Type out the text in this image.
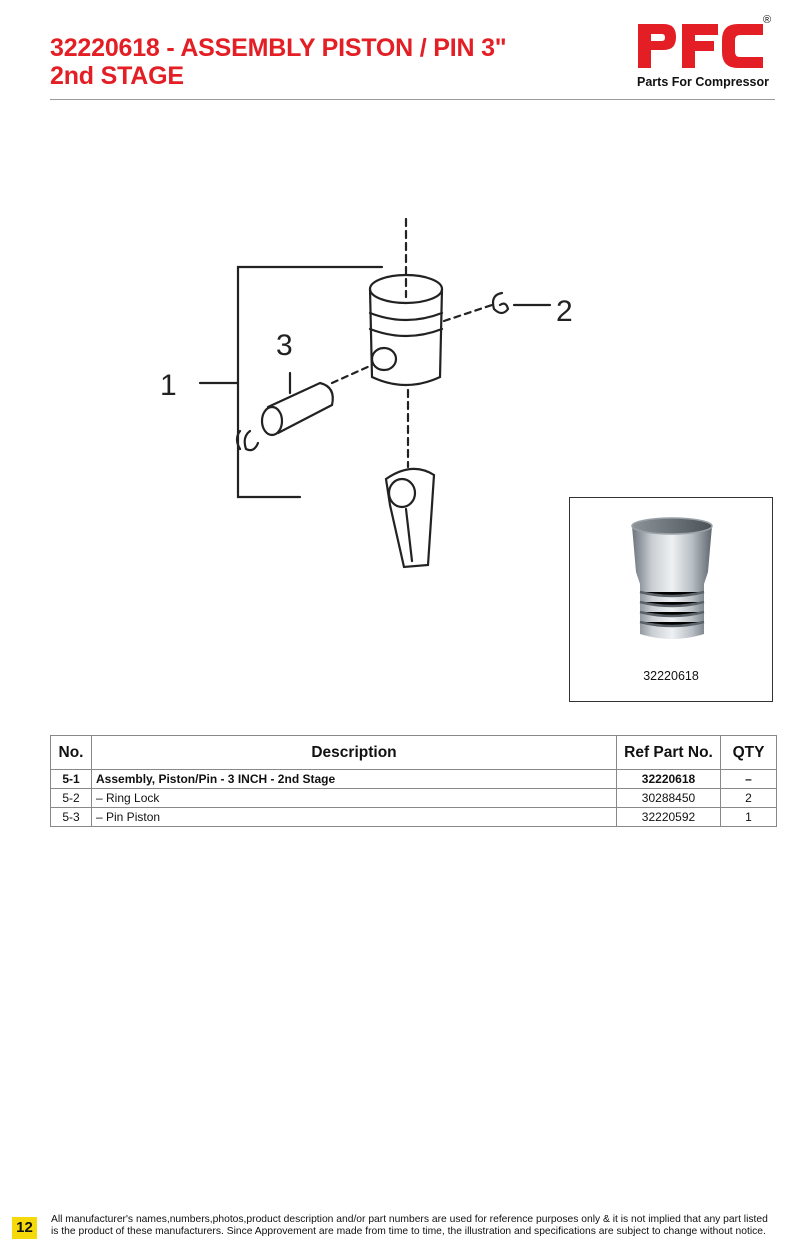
32220618 - ASSEMBLY PISTON / PIN 3"
2nd STAGE
®
Parts For Compressor
1
2
3
32220618
No.	Description	Ref Part No.	QTY
5-1	Assembly, Piston/Pin - 3 INCH - 2nd Stage	32220618	–
5-2	– Ring Lock	30288450	2
5-3	– Pin Piston	32220592	1
12	All manufacturer's names,numbers,photos,product description and/or part numbers are used for reference purposes only & it is not implied that any part listed
is the product of these manufacturers. Since Approvement are made from time to time, the illustration and specifications are subject to change without notice.
